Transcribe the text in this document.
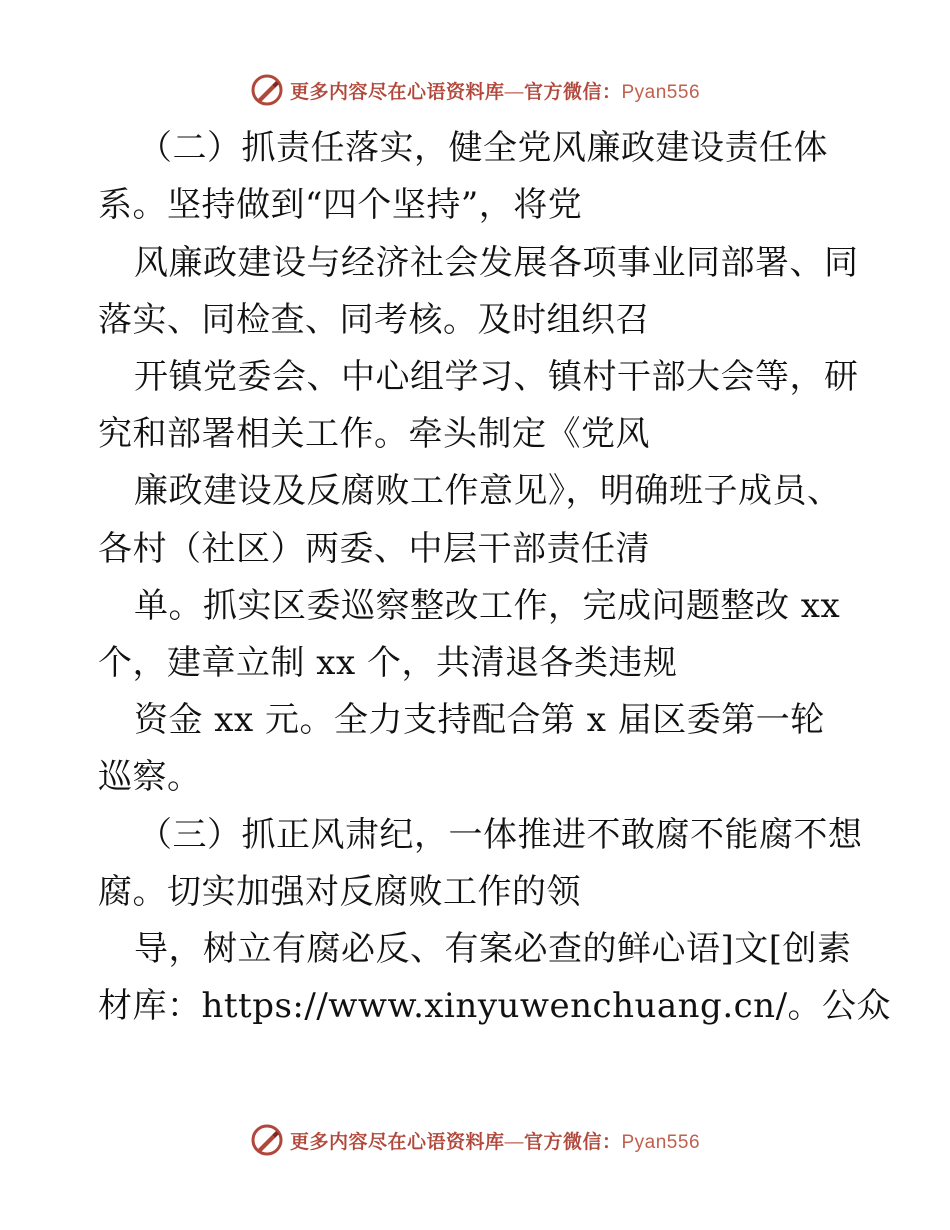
更多内容尽在心语资料库—官方微信：Pyan556
（二）抓责任落实，健全党风廉政建设责任体
系。坚持做到“四个坚持”，将党
风廉政建设与经济社会发展各项事业同部署、同
落实、同检查、同考核。及时组织召
开镇党委会、中心组学习、镇村干部大会等，研
究和部署相关工作。牵头制定《党风
廉政建设及反腐败工作意见》，明确班子成员、
各村（社区）两委、中层干部责任清
单。抓实区委巡察整改工作，完成问题整改 xx
个，建章立制 xx 个，共清退各类违规
资金 xx 元。全力支持配合第 x 届区委第一轮
巡察。
（三）抓正风肃纪，一体推进不敢腐不能腐不想
腐。切实加强对反腐败工作的领
导，树立有腐必反、有案必查的鲜心语]文[创素
材库：https://www.xinyuwenchuang.cn/。公众
更多内容尽在心语资料库—官方微信：Pyan556
